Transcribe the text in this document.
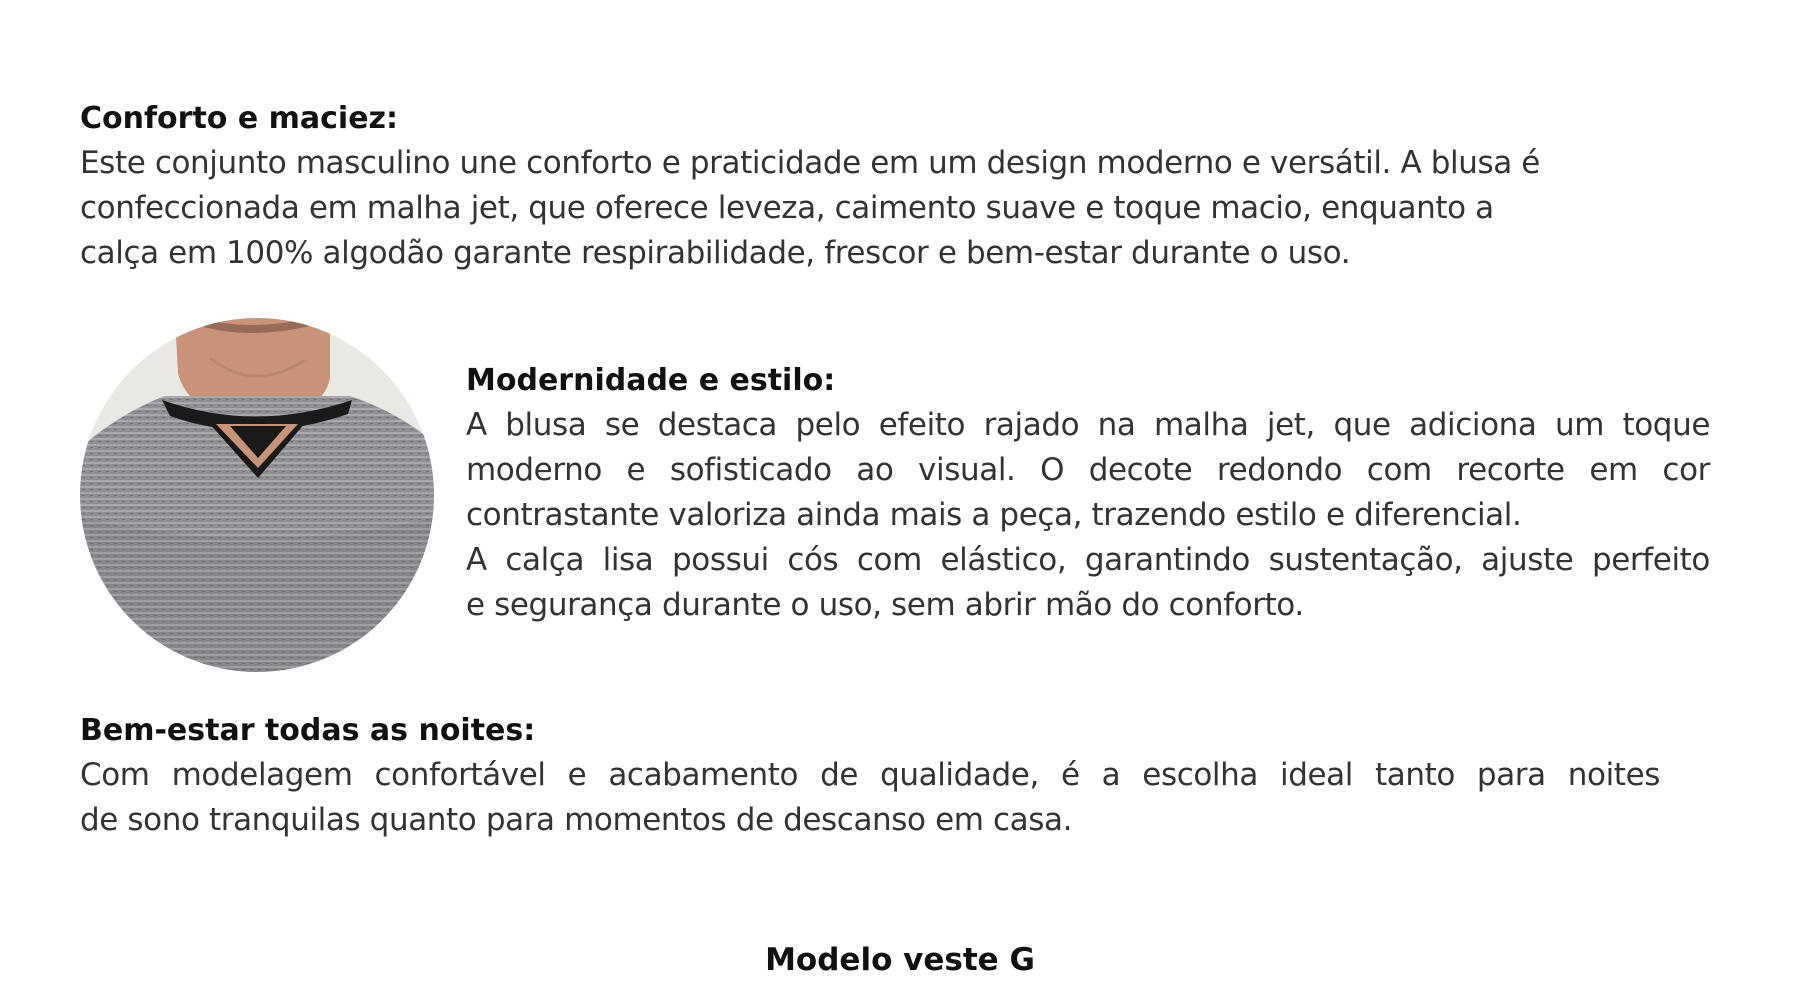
Conforto e maciez:

Este conjunto masculino une conforto e praticidade em um design moderno e versátil. A blusa é
confeccionada em malha jet, que oferece leveza, caimento suave e toque macio, enquanto a
calça em 100% algodão garante respirabilidade, frescor e bem-estar durante o uso.

Modernidade e estilo:

A blusa se destaca pelo efeito rajado na malha jet, que adiciona um toque
moderno e sofisticado ao visual. O decote redondo com recorte em cor
contrastante valoriza ainda mais a peça, trazendo estilo e diferencial.
A calça lisa possui cós com elástico, garantindo sustentação, ajuste perfeito
e segurança durante o uso, sem abrir mão do conforto.

Bem-estar todas as noites:

Com modelagem confortável e acabamento de qualidade, é a escolha ideal tanto para noites
de sono tranquilas quanto para momentos de descanso em casa.

Modelo veste G
